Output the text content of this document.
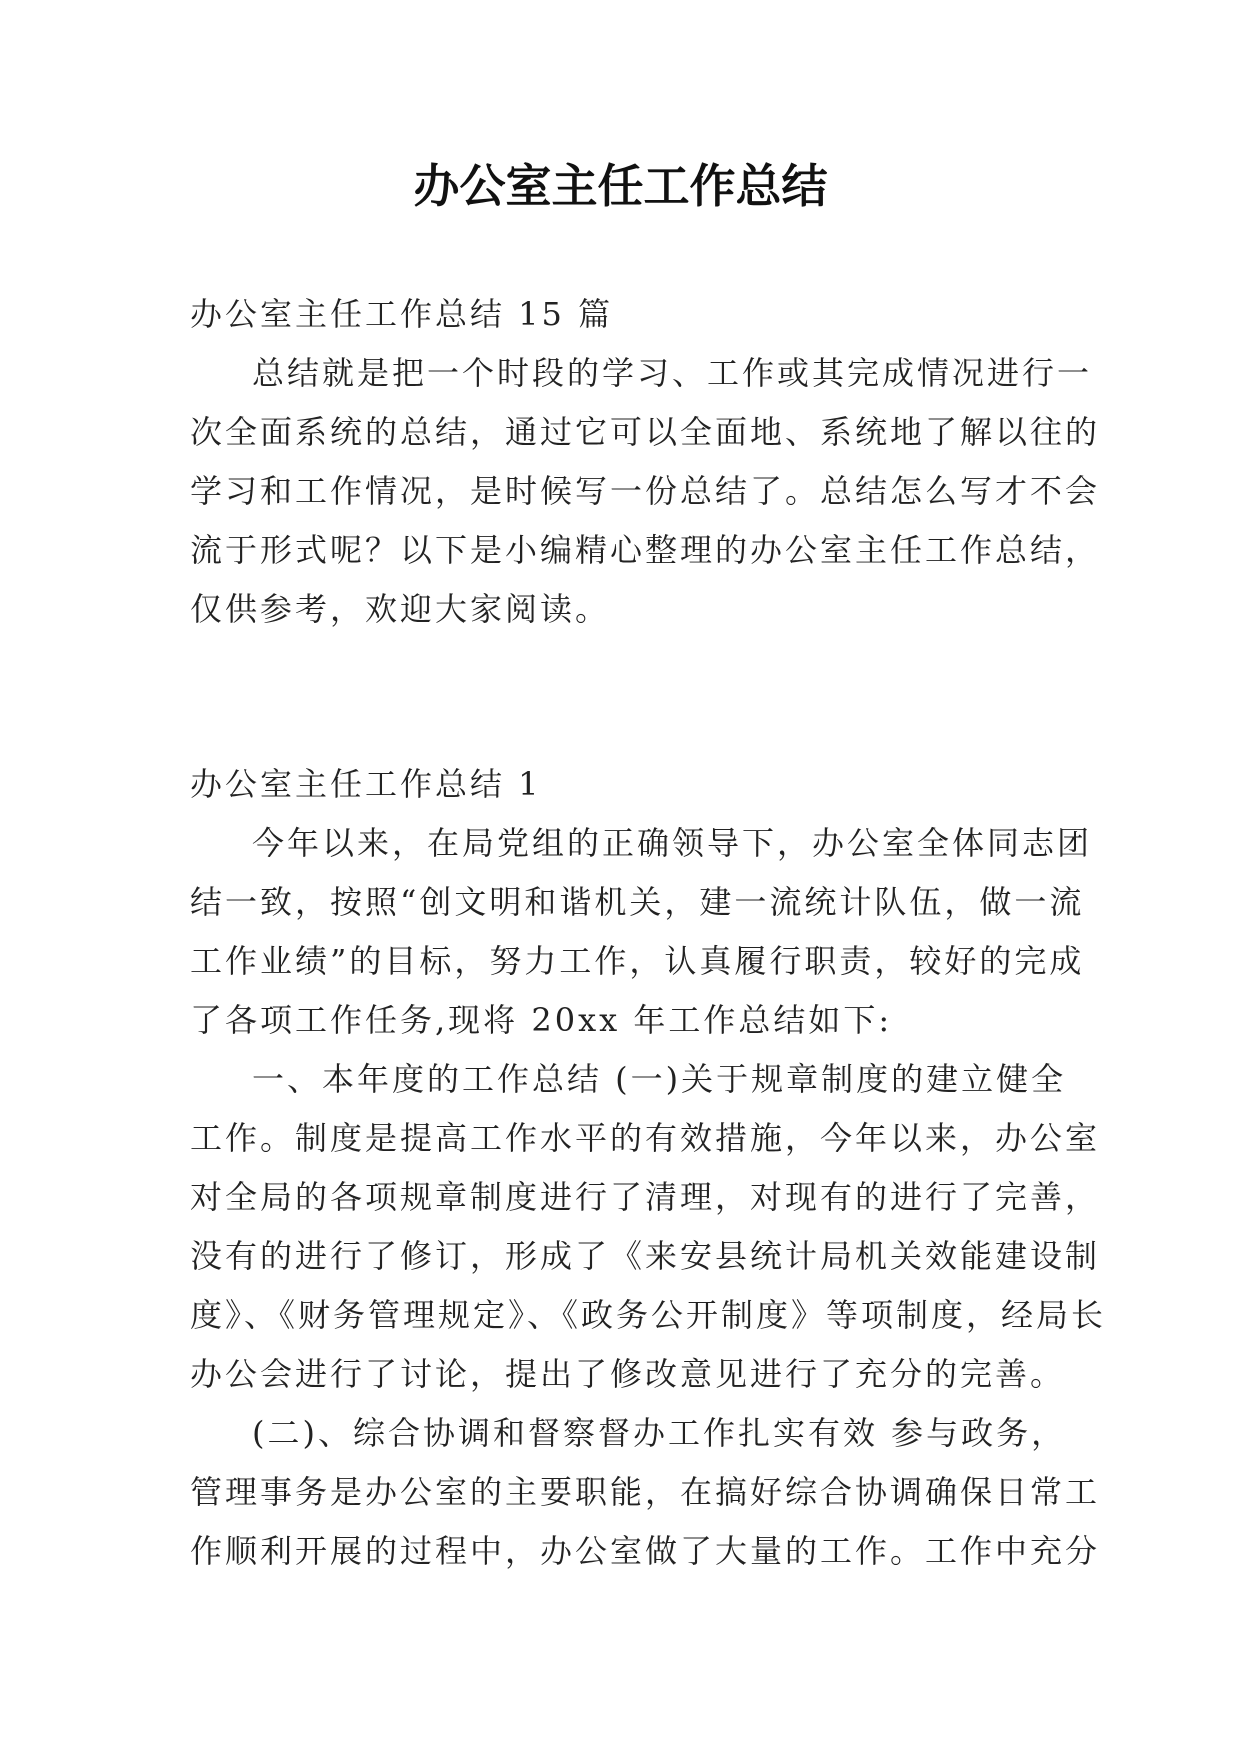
办公室主任工作总结
办公室主任工作总结 15 篇
总结就是把一个时段的学习、工作或其完成情况进行一
次全面系统的总结，通过它可以全面地、系统地了解以往的
学习和工作情况，是时候写一份总结了。总结怎么写才不会
流于形式呢？以下是小编精心整理的办公室主任工作总结，
仅供参考，欢迎大家阅读。
办公室主任工作总结 1
今年以来，在局党组的正确领导下，办公室全体同志团
结一致，按照“创文明和谐机关，建一流统计队伍，做一流
工作业绩”的目标，努力工作，认真履行职责，较好的完成
了各项工作任务,现将 20xx 年工作总结如下:
一、本年度的工作总结 (一)关于规章制度的建立健全
工作。制度是提高工作水平的有效措施，今年以来，办公室
对全局的各项规章制度进行了清理，对现有的进行了完善，
没有的进行了修订，形成了《来安县统计局机关效能建设制
度》、《财务管理规定》、《政务公开制度》等项制度，经局长
办公会进行了讨论，提出了修改意见进行了充分的完善。
(二)、综合协调和督察督办工作扎实有效 参与政务，
管理事务是办公室的主要职能，在搞好综合协调确保日常工
作顺利开展的过程中，办公室做了大量的工作。工作中充分
